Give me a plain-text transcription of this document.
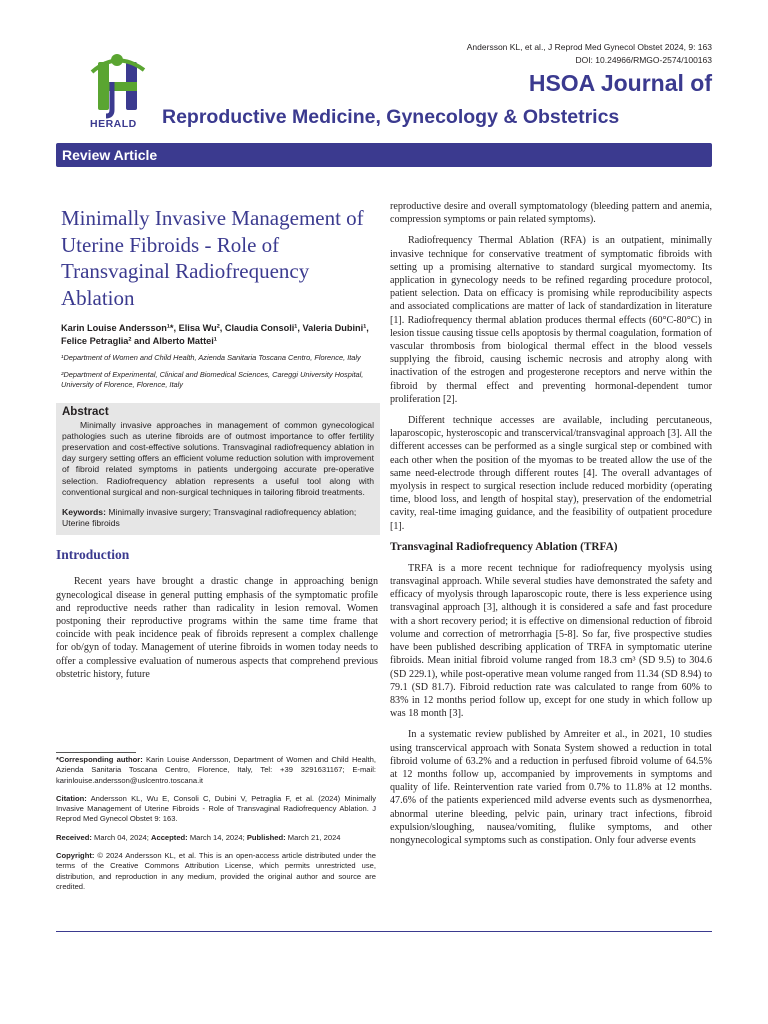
Andersson KL, et al., J Reprod Med Gynecol Obstet 2024, 9: 163
DOI: 10.24966/RMGO-2574/100163
HERALD
HSOA Journal of
Reproductive Medicine, Gynecology & Obstetrics
Review Article
Minimally Invasive Management of Uterine Fibroids - Role of Transvaginal Radiofrequency Ablation
Karin Louise Andersson¹*, Elisa Wu², Claudia Consoli¹, Valeria Dubini¹, Felice Petraglia² and Alberto Mattei¹
¹Department of Women and Child Health, Azienda Sanitaria Toscana Centro, Florence, Italy
²Department of Experimental, Clinical and Biomedical Sciences, Careggi University Hospital, University of Florence, Florence, Italy
Abstract

Minimally invasive approaches in management of common gynecological pathologies such as uterine fibroids are of outmost importance to offer fertility preservation and cost-effective solutions. Transvaginal radiofrequency ablation in day surgery setting offers an efficient volume reduction solution with improvement of fibroid related symptoms in patients undergoing accurate pre-operative selection. Radiofrequency ablation represents a useful tool along with conventional surgical and non-surgical techniques in tailoring fibroid treatments.

Keywords: Minimally invasive surgery; Transvaginal radiofrequency ablation; Uterine fibroids
Introduction

Recent years have brought a drastic change in approaching benign gynecological disease in general putting emphasis of the symptomatic profile and reproductive needs rather than radicality in lesion removal. Women postponing their reproductive programs within the same time frame that coincide with peak incidence peak of fibroids represent a complex challenge for ob/gyn of today. Management of uterine fibroids in women today needs to offer a complessive evaluation of numerous aspects that comprehend previous obstetric history, future

*Corresponding author: Karin Louise Andersson, Department of Women and Child Health, Azienda Sanitaria Toscana Centro, Florence, Italy, Tel: +39 3291631167; E-mail: karinlouise.andersson@uslcentro.toscana.it

Citation: Andersson KL, Wu E, Consoli C, Dubini V, Petraglia F, et al. (2024) Minimally Invasive Management of Uterine Fibroids - Role of Transvaginal Radiofrequency Ablation. J Reprod Med Gynecol Obstet 9: 163.

Received: March 04, 2024; Accepted: March 14, 2024; Published: March 21, 2024

Copyright: © 2024 Andersson KL, et al. This is an open-access article distributed under the terms of the Creative Commons Attribution License, which permits unrestricted use, distribution, and reproduction in any medium, provided the original author and source are credited.

reproductive desire and overall symptomatology (bleeding pattern and anemia, compression symptoms or pain related symptoms).

Radiofrequency Thermal Ablation (RFA) is an outpatient, minimally invasive technique for conservative treatment of symptomatic fibroids with setting up a promising alternative to standard surgical myomectomy. Its application in gynecology needs to be refined regarding procedure protocol, patient selection. Data on efficacy is promising while reproducibility aspects and associated complications are matter of lack of standardization in literature [1]. Radiofrequency thermal ablation produces thermal effects (60°C-80°C) in lesion tissue causing tissue cells apoptosis by thermal coagulation, formation of vascular thrombosis from biological thermal effect in the blood vessels supplying the fibroid, causing ischemic necrosis and atrophy along with inactivation of the estrogen and progesterone receptors and nerve within the fibroid by thermal effect and preventing hormonal-dependent tumor proliferation [2].

Different technique accesses are available, including percutaneous, laparoscopic, hysteroscopic and transcervical/transvaginal approach [3]. All the different accesses can be performed as a single surgical step or combined with each other when the position of the myomas to be treated allow the use of the same need-electrode through different routes [4]. The overall advantages of myolysis in respect to surgical resection include reduced morbidity (operating time, blood loss, and length of hospital stay), preservation of the endometrial cavity, real-time imaging guidance, and the feasibility of outpatient procedure [1].

Transvaginal Radiofrequency Ablation (TRFA)

TRFA is a more recent technique for radiofrequency myolysis using transvaginal approach. While several studies have demonstrated the safety and efficacy of myolysis through laparoscopic route, there is less experience using transvaginal approach [3], although it is considered a safe and fast procedure with a short recovery period; it is effective on dimensional reduction of fibroid volume and correction of metrorrhagia [5-8]. So far, five prospective studies have been published describing application of TRFA in symptomatic uterine fibroids. Mean initial fibroid volume ranged from 18.3 cm³ (SD 9.5) to 304.6 (SD 229.1), while post-operative mean volume ranged from 11.34 (SD 8.94) to 79.1 (SD 81.7). Fibroid reduction rate was calculated to range from 60% to 83% in 12 months period follow up, except for one study in which follow up was 18 month [3].

In a systematic review published by Amreiter et al., in 2021, 10 studies using transcervical approach with Sonata System showed a reduction in total fibroid volume of 63.2% and a reduction in perfused fibroid volume of 64.5% at 12 months follow up, accompanied by improvements in symptoms and quality of life. Reintervention rate varied from 0.7% to 11.8% at 12 months. 47.6% of the patients experienced mild adverse events such as dysmenorrhea, abnormal uterine bleeding, pelvic pain, urinary tract infections, fibroid expulsion/sloughing, nausea/vomiting, flulike symptoms, and other nongynecological symptoms such as constipation. Only four adverse events
